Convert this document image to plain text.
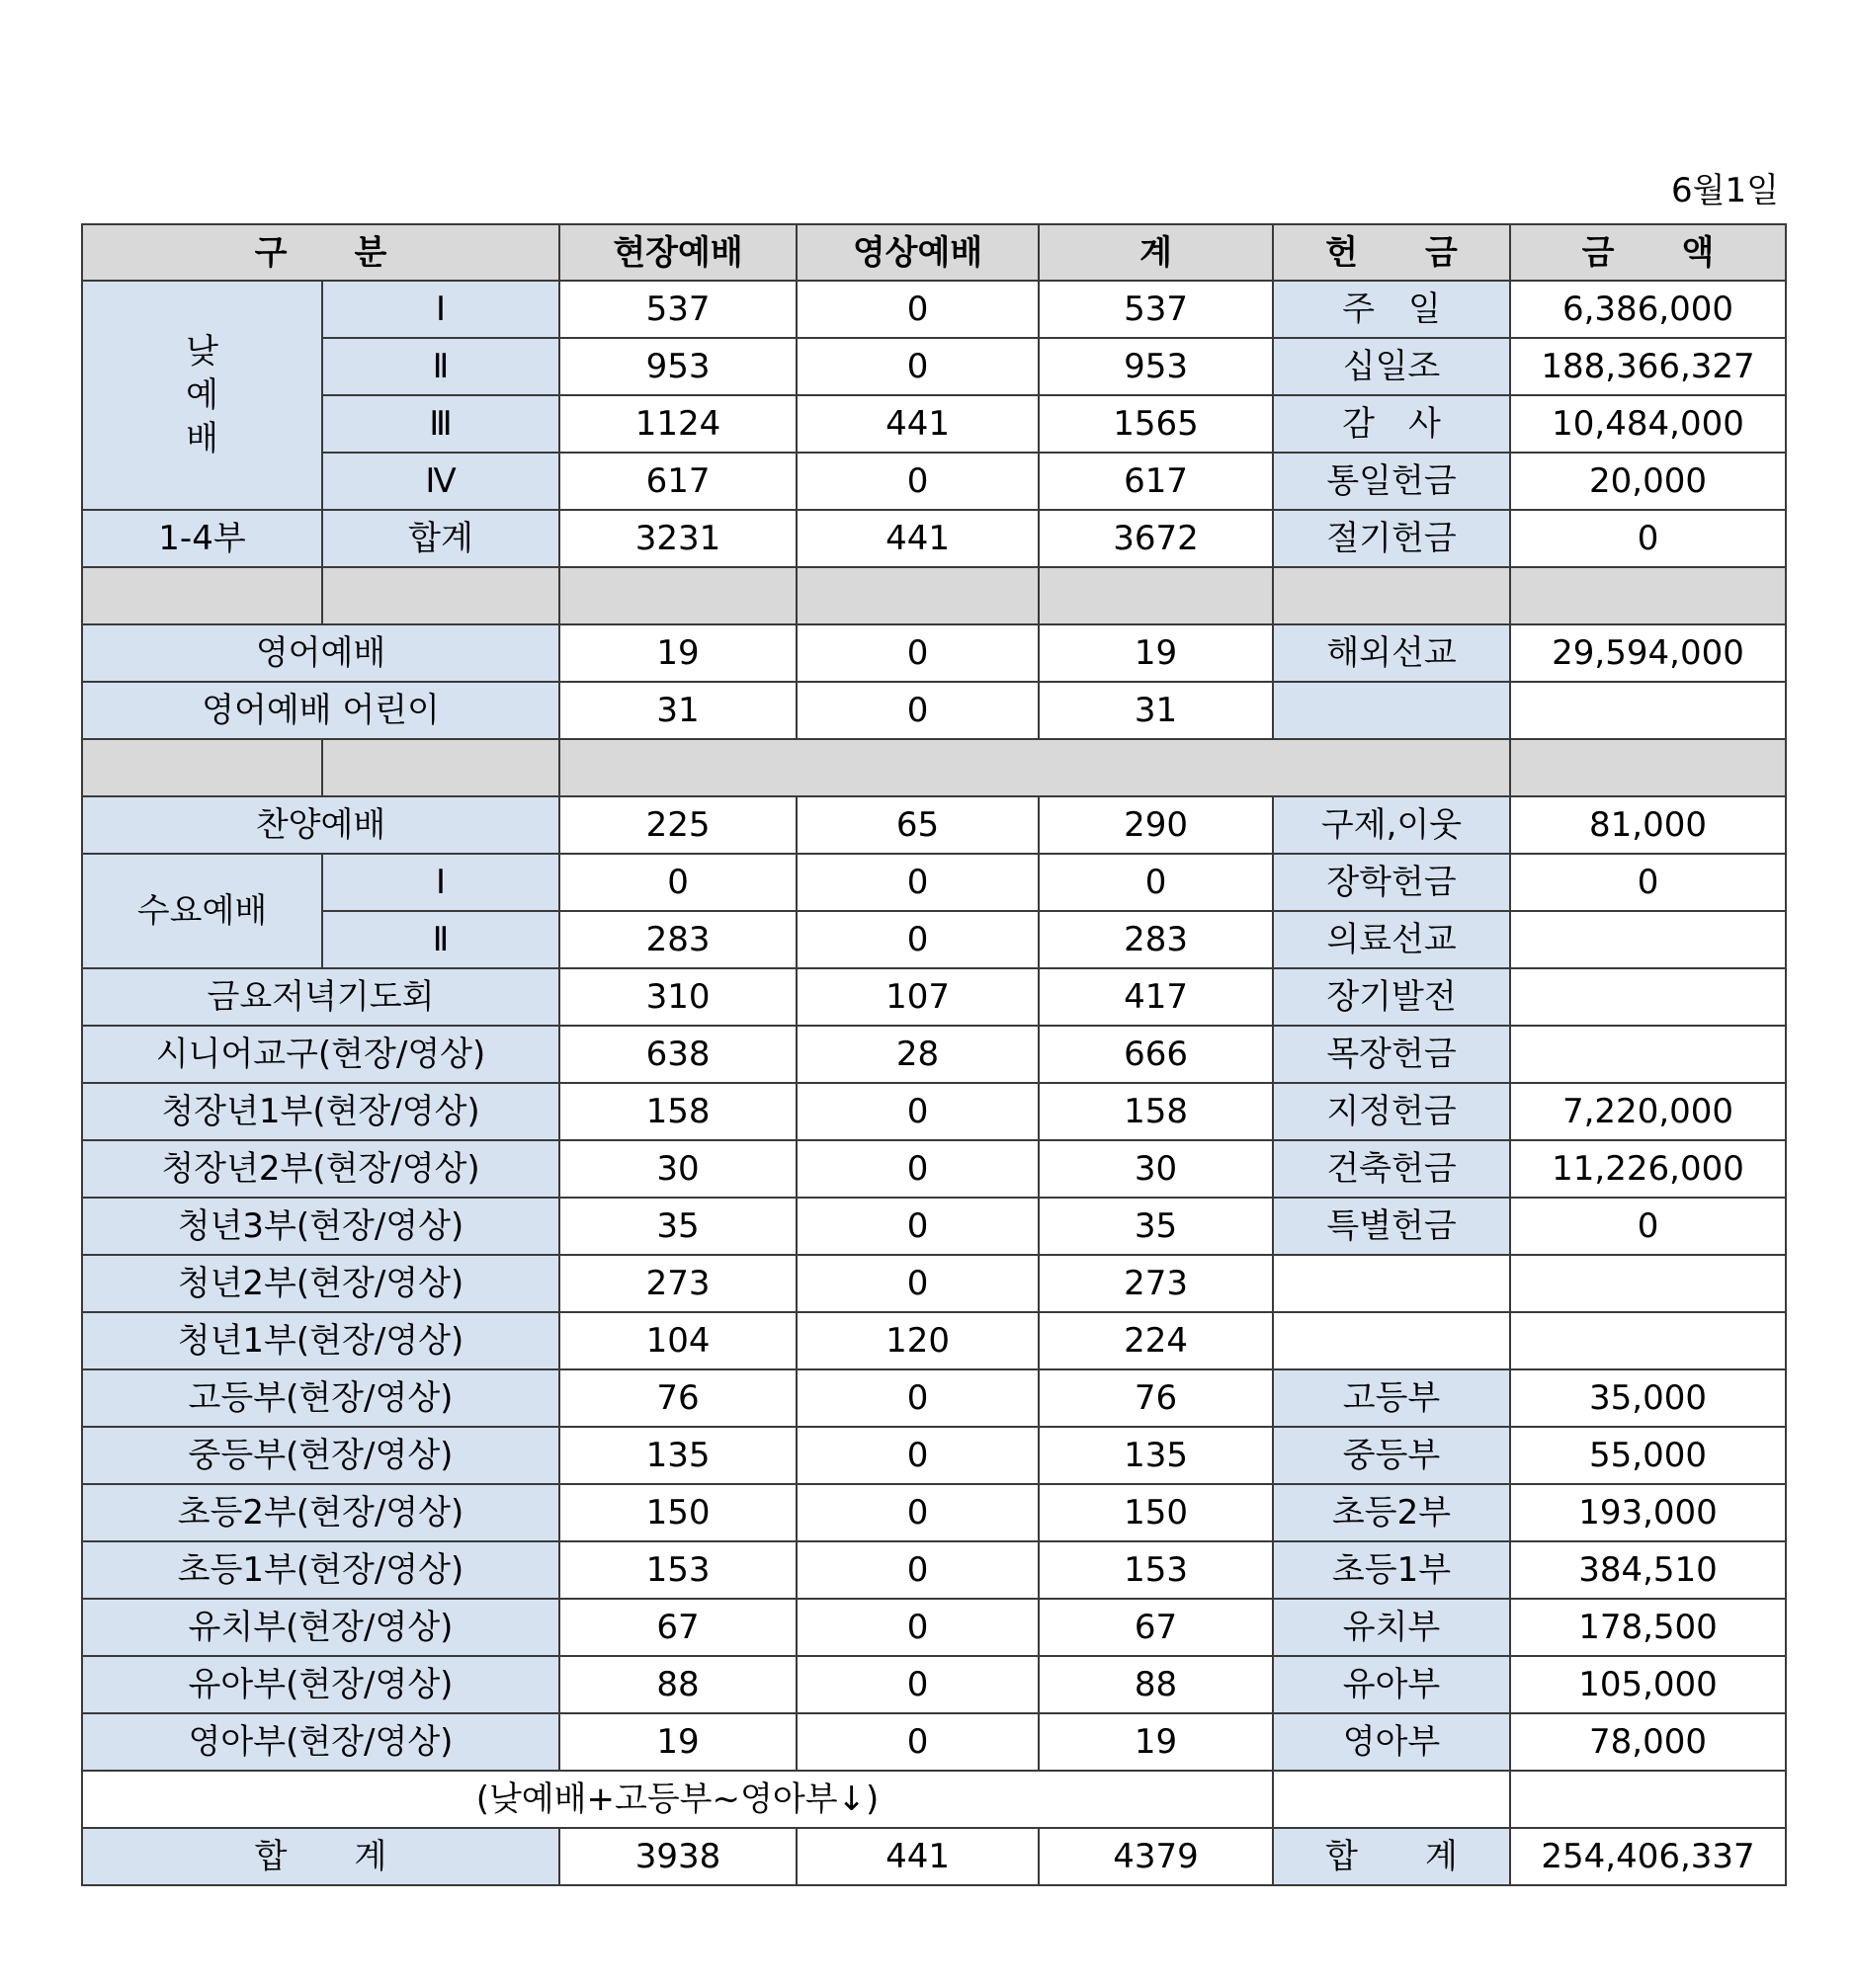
6월1일
구　　분		현장예배	영상예배	계	헌　　금	금　　액

낮
예
배	Ⅰ	537	0	537	주　일	6,386,000
	Ⅱ	953	0	953	십일조	188,366,327
	Ⅲ	1124	441	1565	감　사	10,484,000
	Ⅳ	617	0	617	통일헌금	20,000
1-4부	합계	3231	441	3672	절기헌금	0

영어예배		19	0	19	해외선교	29,594,000
영어예배 어린이		31	0	31		

찬양예배		225	65	290	구제,이웃	81,000
수요예배	Ⅰ	0	0	0	장학헌금	0
	Ⅱ	283	0	283	의료선교	
금요저녁기도회		310	107	417	장기발전	
시니어교구(현장/영상)		638	28	666	목장헌금	
청장년1부(현장/영상)		158	0	158	지정헌금	7,220,000
청장년2부(현장/영상)		30	0	30	건축헌금	11,226,000
청년3부(현장/영상)		35	0	35	특별헌금	0
청년2부(현장/영상)		273	0	273		
청년1부(현장/영상)		104	120	224		
고등부(현장/영상)		76	0	76	고등부	35,000
중등부(현장/영상)		135	0	135	중등부	55,000
초등2부(현장/영상)		150	0	150	초등2부	193,000
초등1부(현장/영상)		153	0	153	초등1부	384,510
유치부(현장/영상)		67	0	67	유치부	178,500
유아부(현장/영상)		88	0	88	유아부	105,000
영아부(현장/영상)		19	0	19	영아부	78,000
(낮예배+고등부~영아부↓)						
합　　계		3938	441	4379	합　　계	254,406,337
